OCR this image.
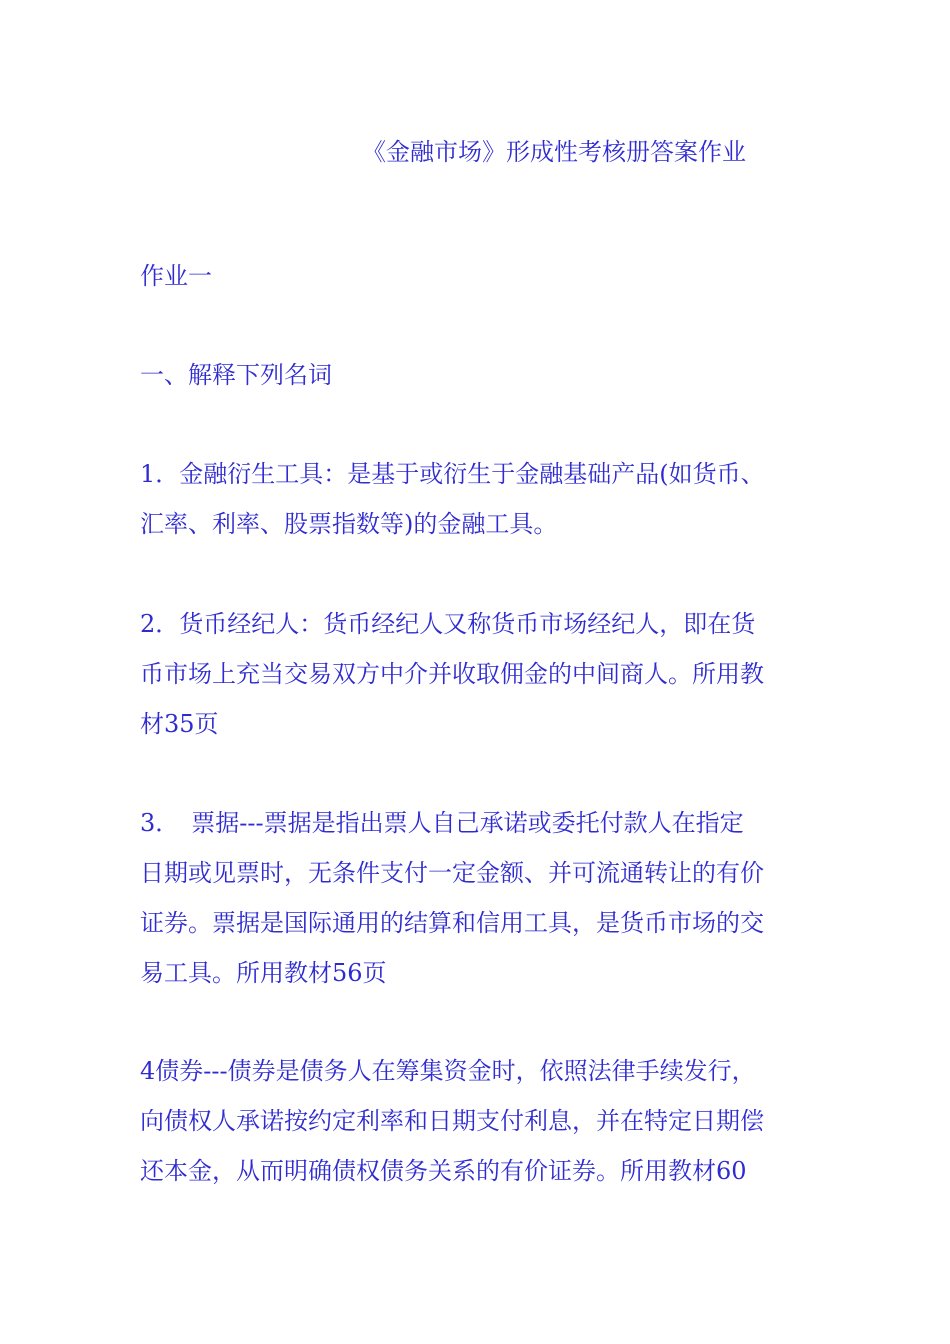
《金融市场》形成性考核册答案作业
作业一
一、解释下列名词
1．金融衍生工具：是基于或衍生于金融基础产品(如货币、
汇率、利率、股票指数等)的金融工具。
2．货币经纪人：货币经纪人又称货币市场经纪人，即在货
币市场上充当交易双方中介并收取佣金的中间商人。所用教
材35页
3．　票据---票据是指出票人自己承诺或委托付款人在指定
日期或见票时，无条件支付一定金额、并可流通转让的有价
证券。票据是国际通用的结算和信用工具，是货币市场的交
易工具。所用教材56页
4债券---债券是债务人在筹集资金时，依照法律手续发行，
向债权人承诺按约定利率和日期支付利息，并在特定日期偿
还本金，从而明确债权债务关系的有价证券。所用教材60
